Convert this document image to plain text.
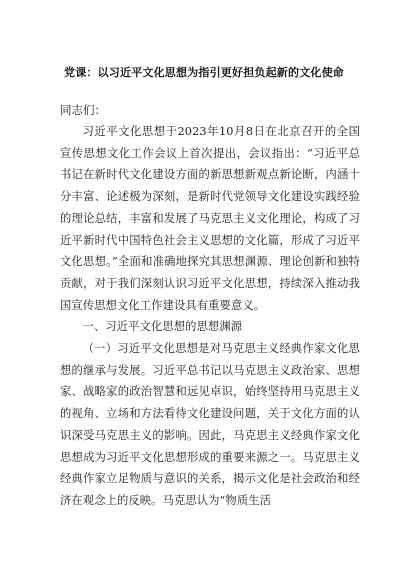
党课：以习近平文化思想为指引更好担负起新的文化使命
同志们：

习近平文化思想于2023年10月8日在北京召开的全国宣传思想文化工作会议上首次提出，会议指出：“习近平总书记在新时代文化建设方面的新思想新观点新论断，内涵十分丰富、论述极为深刻，是新时代党领导文化建设实践经验的理论总结，丰富和发展了马克思主义文化理论，构成了习近平新时代中国特色社会主义思想的文化篇，形成了习近平文化思想。”全面和准确地探究其思想渊源、理论创新和独特贡献，对于我们深刻认识习近平文化思想，持续深入推动我国宣传思想文化工作建设具有重要意义。

一、习近平文化思想的思想渊源

（一）习近平文化思想是对马克思主义经典作家文化思想的继承与发展。习近平总书记以马克思主义政治家、思想家、战略家的政治智慧和远见卓识，始终坚持用马克思主义的视角、立场和方法看待文化建设问题，关于文化方面的认识深受马克思主义的影响。因此，马克思主义经典作家文化思想成为习近平文化思想形成的重要来源之一。马克思主义经典作家立足物质与意识的关系，揭示文化是社会政治和经济在观念上的反映。马克思认为“物质生活
